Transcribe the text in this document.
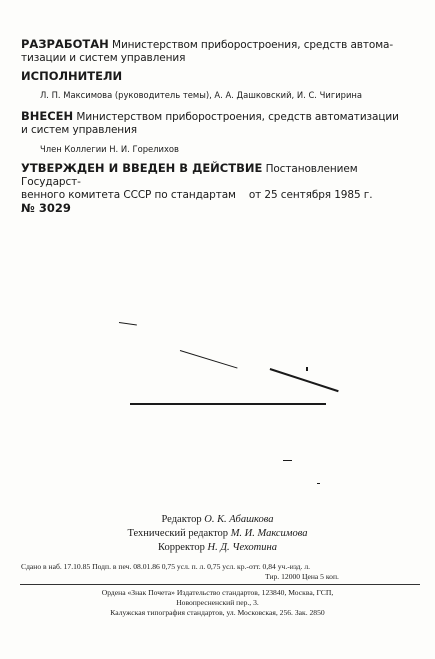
РАЗРАБОТАН Министерством приборостроения, средств автома-
тизации и систем управления
ИСПОЛНИТЕЛИ
Л. П. Максимова (руководитель темы), А. А. Дашковский, И. С. Чигирина
ВНЕСЕН Министерством приборостроения, средств автоматизации
и систем управления
Член Коллегии Н. И. Горелихов
УТВЕРЖДЕН И ВВЕДЕН В ДЕЙСТВИЕ Постановлением Государст-
венного комитета СССР по стандартам    от 25 сентября 1985 г.
№ 3029
Редактор О. К. Абашкова
Технический редактор М. И. Максимова
Корректор Н. Д. Чехотина
Сдано в наб. 17.10.85 Подп. в печ. 08.01.86 0,75 усл. п. л. 0,75 усл. кр.-отт. 0,84 уч.-изд. л.
Тир. 12000 Цена 5 коп.
Ордена «Знак Почета» Издательство стандартов, 123840, Москва, ГСП,
Новопресненский пер., 3.
Калужская типография стандартов, ул. Московская, 256. Зак. 2850
